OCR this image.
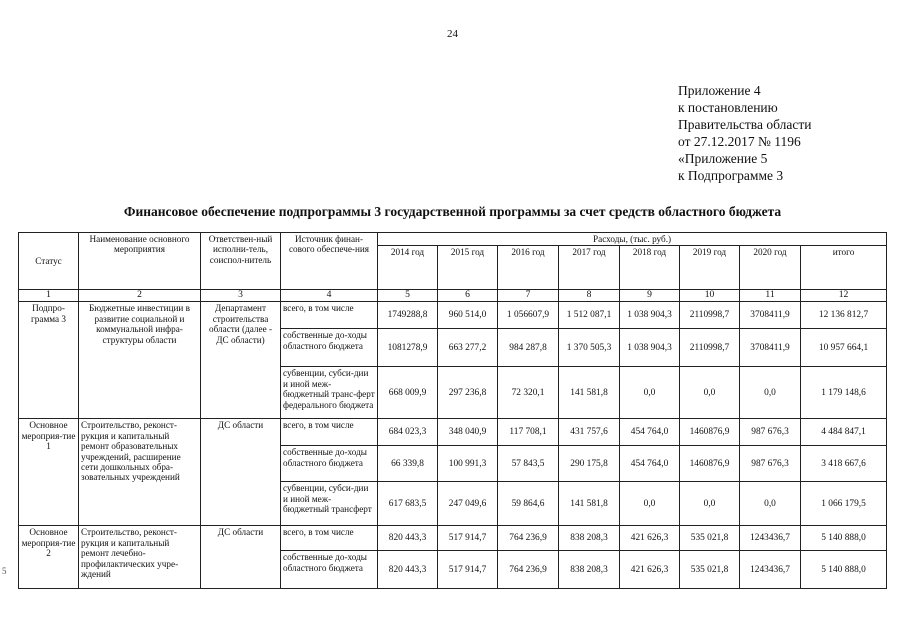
24
Приложение 4
к постановлению
Правительства области
от 27.12.2017 № 1196
«Приложение 5
к Подпрограмме 3
Финансовое обеспечение подпрограммы 3 государственной программы за счет средств областного бюджета
5
Статус	Наименование основного мероприятия	Ответствен-ный исполни-тель, соиспол-нитель	Источник финан-сового обеспече-ния	Расходы, (тыс. руб.)							
				2014 год	2015 год	2016 год	2017 год	2018 год	2019 год	2020 год	итого
1	2	3	4	5	6	7	8	9	10	11	12
Подпро-грамма 3	Бюджетные инвестиции в развитие социальной и коммунальной инфра-структуры области	Департамент строительства области (далее - ДС области)	всего, в том числе	1749288,8	960 514,0	1 056607,9	1 512 087,1	1 038 904,3	2110998,7	3708411,9	12 136 812,7
			собственные до-ходы областного бюджета	1081278,9	663 277,2	984 287,8	1 370 505,3	1 038 904,3	2110998,7	3708411,9	10 957 664,1
			субвенции, субси-дии и иной меж-бюджетный транс-ферт федерального бюджета	668 009,9	297 236,8	72 320,1	141 581,8	0,0	0,0	0,0	1 179 148,6
Основное мероприя-тие 1	Строительство, реконст-рукция и капитальный ремонт образовательных учреждений, расширение сети дошкольных обра-зовательных учреждений	ДС области	всего, в том числе	684 023,3	348 040,9	117 708,1	431 757,6	454 764,0	1460876,9	987 676,3	4 484 847,1
			собственные до-ходы областного бюджета	66 339,8	100 991,3	57 843,5	290 175,8	454 764,0	1460876,9	987 676,3	3 418 667,6
			субвенции, субси-дии и иной меж-бюджетный трансферт	617 683,5	247 049,6	59 864,6	141 581,8	0,0	0,0	0,0	1 066 179,5
Основное мероприя-тие 2	Строительство, реконст-рукция и капитальный ремонт лечебно-профилактических учре-ждений	ДС области	всего, в том числе	820 443,3	517 914,7	764 236,9	838 208,3	421 626,3	535 021,8	1243436,7	5 140 888,0
			собственные до-ходы областного бюджета	820 443,3	517 914,7	764 236,9	838 208,3	421 626,3	535 021,8	1243436,7	5 140 888,0
